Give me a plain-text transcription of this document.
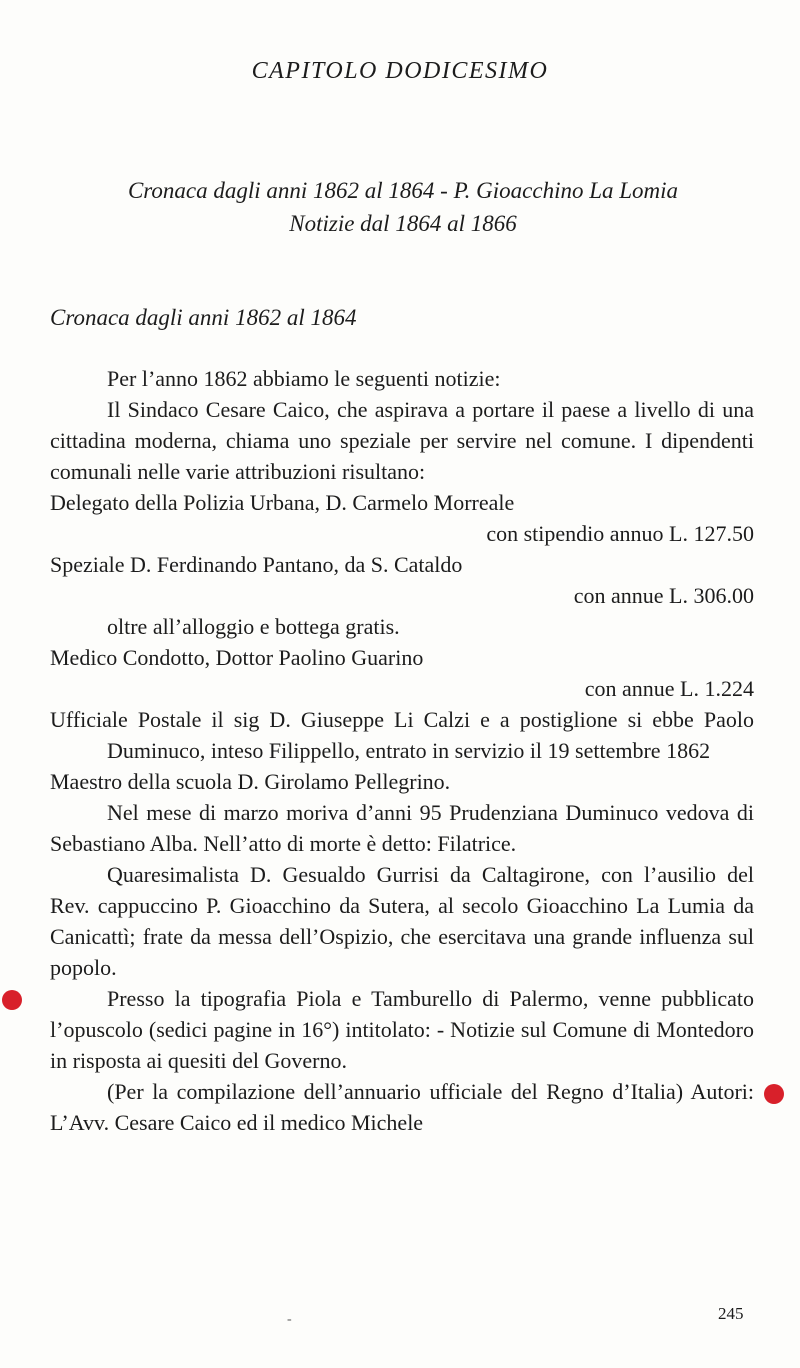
CAPITOLO DODICESIMO
Cronaca dagli anni 1862 al 1864 - P. Gioacchino La Lomia
Notizie dal 1864 al 1866
Cronaca dagli anni 1862 al 1864

Per l’anno 1862 abbiamo le seguenti notizie:

Il Sindaco Cesare Caico, che aspirava a portare il paese a livello di una cittadina moderna, chiama uno speziale per servire nel comune. I dipendenti comunali nelle varie attribuzioni risultano:

Delegato della Polizia Urbana, D. Carmelo Morreale

con stipendio annuo L. 127.50

Speziale D. Ferdinando Pantano, da S. Cataldo

con annue L. 306.00

oltre all’alloggio e bottega gratis.

Medico Condotto, Dottor Paolino Guarino

con annue L. 1.224

Ufficiale Postale il sig D. Giuseppe Li Calzi e a postiglione si ebbe Paolo Duminuco, inteso Filippello, entrato in servizio il 19 settembre 1862

Maestro della scuola D. Girolamo Pellegrino.

Nel mese di marzo moriva d’anni 95 Prudenziana Duminuco vedova di Sebastiano Alba. Nell’atto di morte è detto: Filatrice.

Quaresimalista D. Gesualdo Gurrisi da Caltagirone, con l’ausilio del Rev. cappuccino P. Gioacchino da Sutera, al secolo Gioacchino La Lumia da Canicattì; frate da messa dell’Ospizio, che esercitava una grande influenza sul popolo.

Presso la tipografia Piola e Tamburello di Palermo, venne pubblicato l’opuscolo (sedici pagine in 16°) intitolato: - Notizie sul Comune di Montedoro in risposta ai quesiti del Governo.

(Per la compilazione dell’annuario ufficiale del Regno d’Italia) Autori: L’Avv. Cesare Caico ed il medico Michele

-	245
